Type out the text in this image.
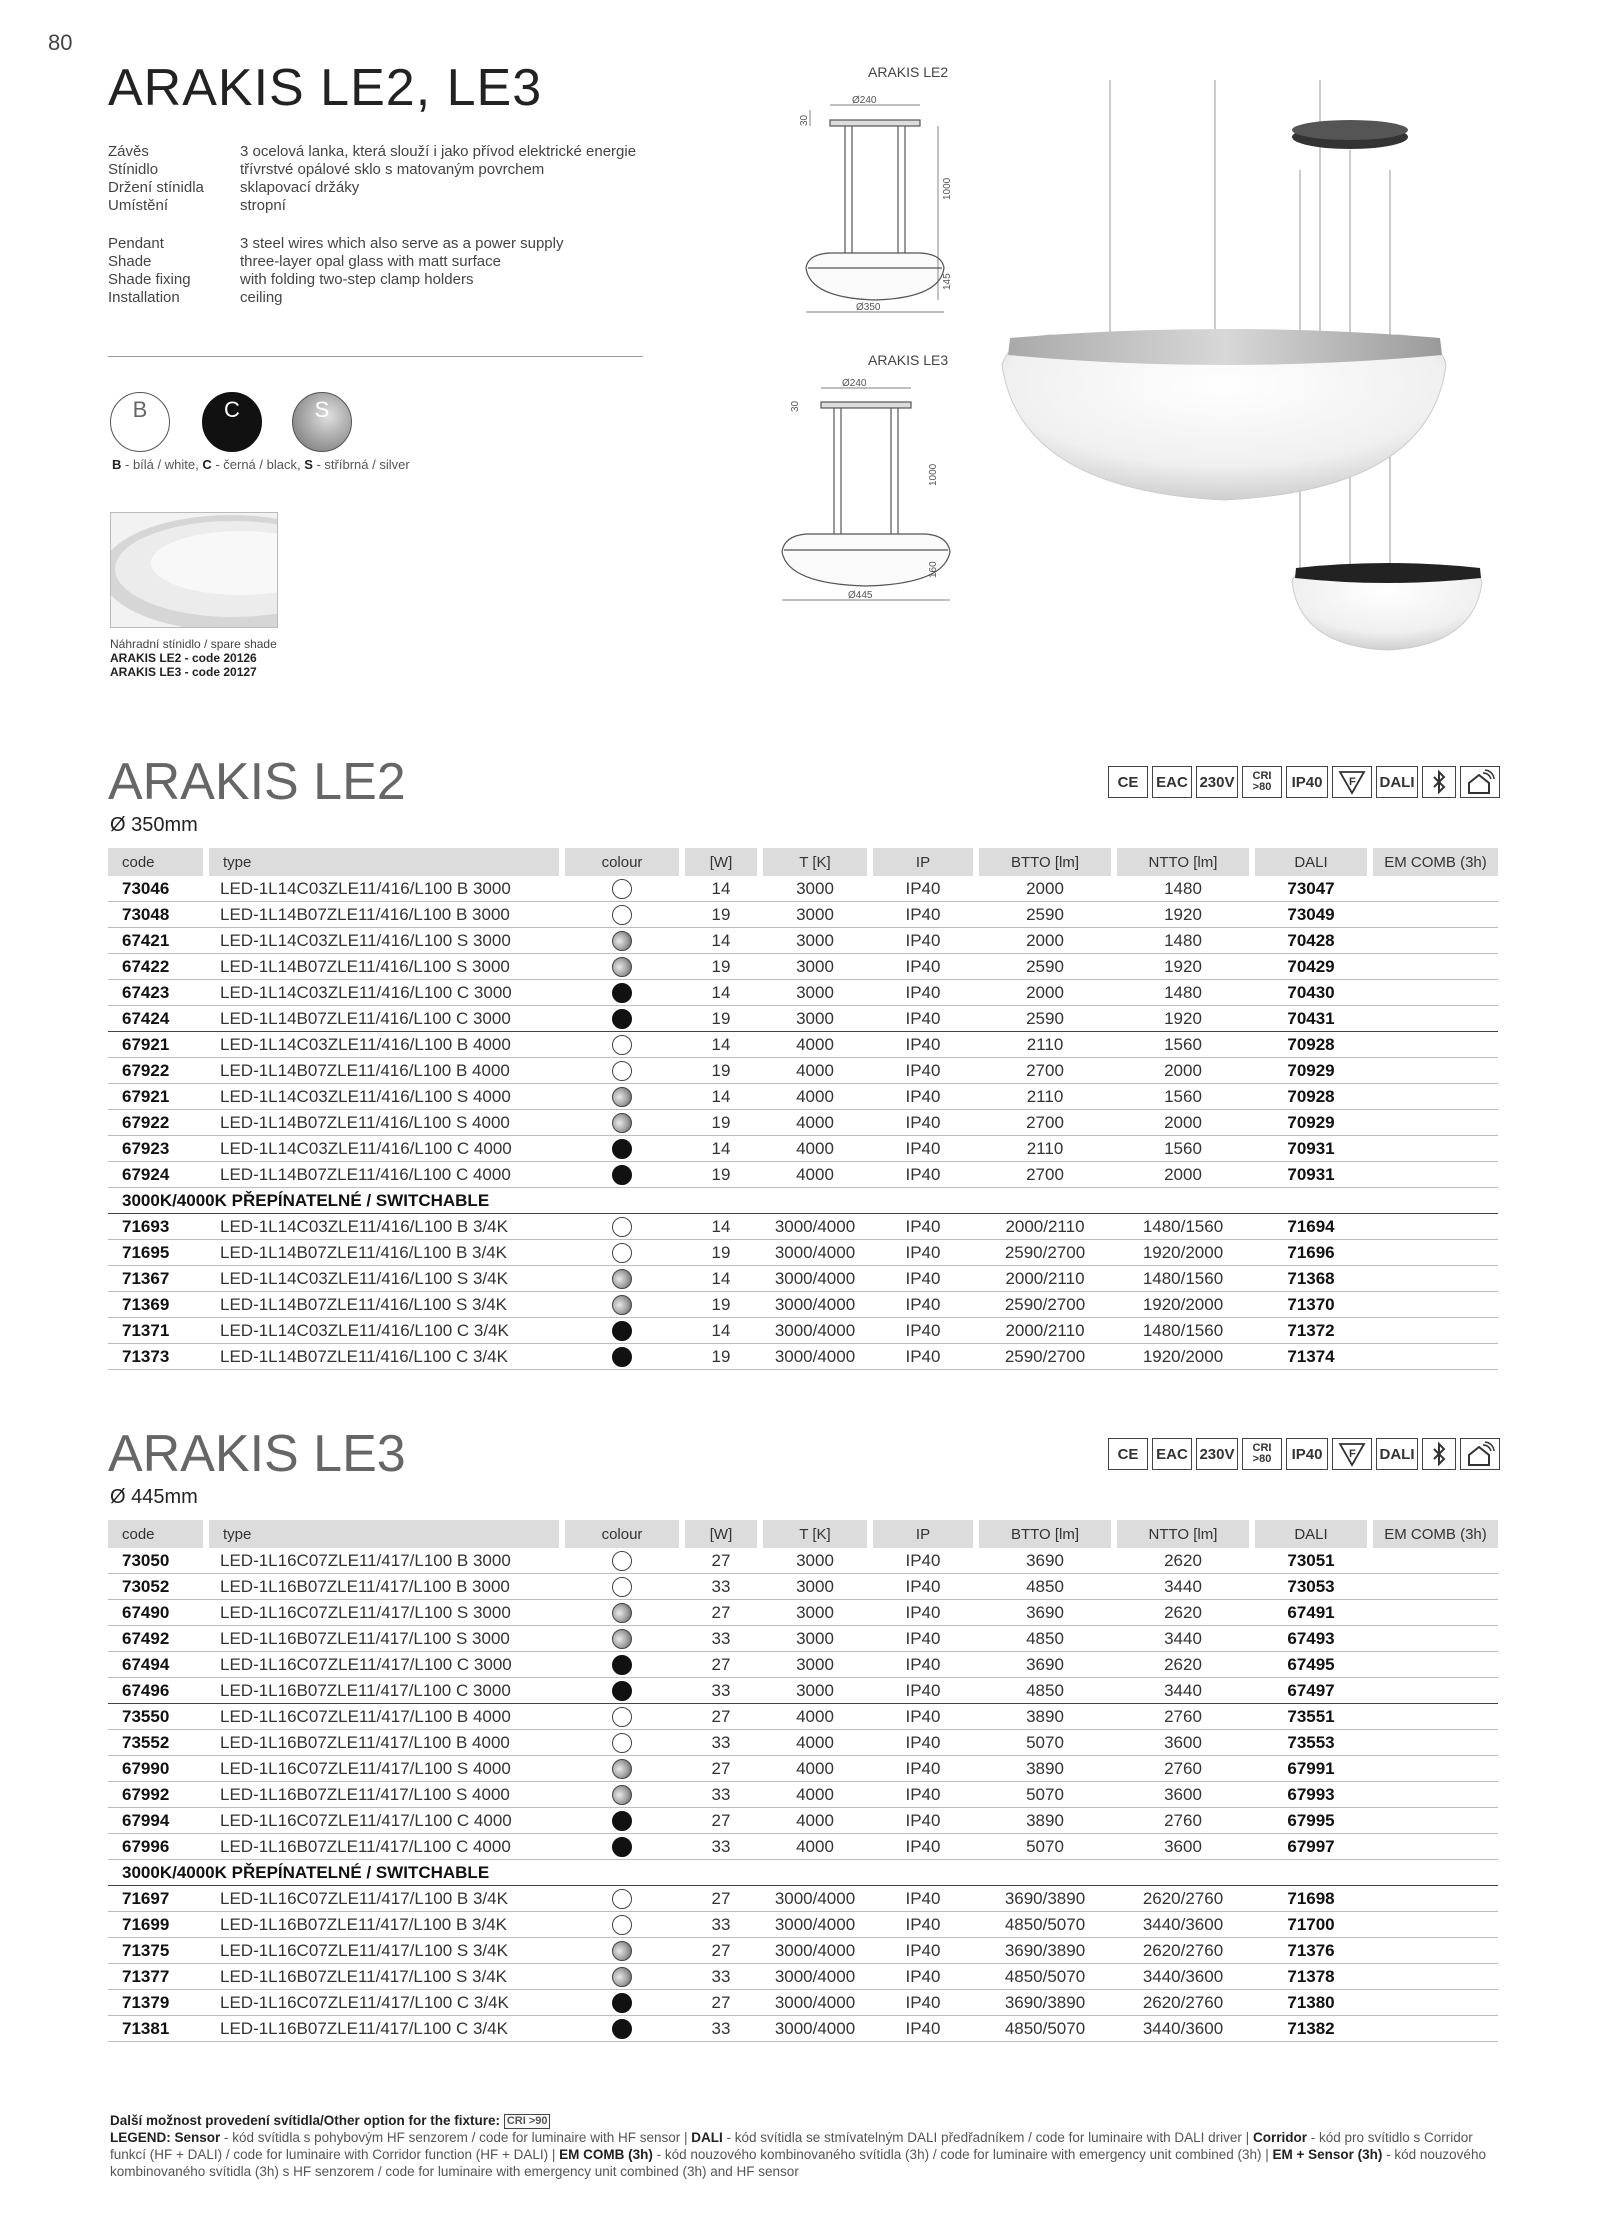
80
ARAKIS LE2, LE3
Závěs	3 ocelová lanka, která slouží i jako přívod elektrické energie
Stínidlo	třívrstvé opálové sklo s matovaným povrchem
Držení stínidla	sklapovací držáky
Umístění	stropní
Pendant	3 steel wires which also serve as a power supply
Shade	three-layer opal glass with matt surface
Shade fixing	with folding two-step clamp holders
Installation	ceiling
B	C	S
B - bílá / white, C - černá / black, S - stříbrná / silver
Náhradní stínidlo / spare shade
ARAKIS LE2 - code 20126
ARAKIS LE3 - code 20127
ARAKIS LE2
Ø240
Ø350
30
1000
145
ARAKIS LE3
Ø240
Ø445
30
1000
160
ARAKIS LE2
Ø 350mm
CE	EAC 230V	CRI
>80	IP40	F DALI
code	type	colour	[W]	T [K]	IP	BTTO [lm]	NTTO [lm]	DALI	EM COMB (3h)
73046	LED-1L14C03ZLE11/416/L100 B 3000		14	3000	IP40	2000	1480	73047	
73048	LED-1L14B07ZLE11/416/L100 B 3000		19	3000	IP40	2590	1920	73049	
67421	LED-1L14C03ZLE11/416/L100 S 3000		14	3000	IP40	2000	1480	70428	
67422	LED-1L14B07ZLE11/416/L100 S 3000		19	3000	IP40	2590	1920	70429	
67423	LED-1L14C03ZLE11/416/L100 C 3000		14	3000	IP40	2000	1480	70430	
67424	LED-1L14B07ZLE11/416/L100 C 3000		19	3000	IP40	2590	1920	70431	
67921	LED-1L14C03ZLE11/416/L100 B 4000		14	4000	IP40	2110	1560	70928	
67922	LED-1L14B07ZLE11/416/L100 B 4000		19	4000	IP40	2700	2000	70929	
67921	LED-1L14C03ZLE11/416/L100 S 4000		14	4000	IP40	2110	1560	70928	
67922	LED-1L14B07ZLE11/416/L100 S 4000		19	4000	IP40	2700	2000	70929	
67923	LED-1L14C03ZLE11/416/L100 C 4000		14	4000	IP40	2110	1560	70931	
67924	LED-1L14B07ZLE11/416/L100 C 4000		19	4000	IP40	2700	2000	70931	
3000K/4000K PŘEPÍNATELNÉ / SWITCHABLE									
71693	LED-1L14C03ZLE11/416/L100 B 3/4K		14	3000/4000	IP40	2000/2110	1480/1560	71694	
71695	LED-1L14B07ZLE11/416/L100 B 3/4K		19	3000/4000	IP40	2590/2700	1920/2000	71696	
71367	LED-1L14C03ZLE11/416/L100 S 3/4K		14	3000/4000	IP40	2000/2110	1480/1560	71368	
71369	LED-1L14B07ZLE11/416/L100 S 3/4K		19	3000/4000	IP40	2590/2700	1920/2000	71370	
71371	LED-1L14C03ZLE11/416/L100 C 3/4K		14	3000/4000	IP40	2000/2110	1480/1560	71372	
71373	LED-1L14B07ZLE11/416/L100 C 3/4K		19	3000/4000	IP40	2590/2700	1920/2000	71374	
ARAKIS LE3
Ø 445mm
CE	EAC 230V	CRI
>80	IP40	F DALI
code	type	colour	[W]	T [K]	IP	BTTO [lm]	NTTO [lm]	DALI	EM COMB (3h)
73050	LED-1L16C07ZLE11/417/L100 B 3000		27	3000	IP40	3690	2620	73051	
73052	LED-1L16B07ZLE11/417/L100 B 3000		33	3000	IP40	4850	3440	73053	
67490	LED-1L16C07ZLE11/417/L100 S 3000		27	3000	IP40	3690	2620	67491	
67492	LED-1L16B07ZLE11/417/L100 S 3000		33	3000	IP40	4850	3440	67493	
67494	LED-1L16C07ZLE11/417/L100 C 3000		27	3000	IP40	3690	2620	67495	
67496	LED-1L16B07ZLE11/417/L100 C 3000		33	3000	IP40	4850	3440	67497	
73550	LED-1L16C07ZLE11/417/L100 B 4000		27	4000	IP40	3890	2760	73551	
73552	LED-1L16B07ZLE11/417/L100 B 4000		33	4000	IP40	5070	3600	73553	
67990	LED-1L16C07ZLE11/417/L100 S 4000		27	4000	IP40	3890	2760	67991	
67992	LED-1L16B07ZLE11/417/L100 S 4000		33	4000	IP40	5070	3600	67993	
67994	LED-1L16C07ZLE11/417/L100 C 4000		27	4000	IP40	3890	2760	67995	
67996	LED-1L16B07ZLE11/417/L100 C 4000		33	4000	IP40	5070	3600	67997	
3000K/4000K PŘEPÍNATELNÉ / SWITCHABLE									
71697	LED-1L16C07ZLE11/417/L100 B 3/4K		27	3000/4000	IP40	3690/3890	2620/2760	71698	
71699	LED-1L16B07ZLE11/417/L100 B 3/4K		33	3000/4000	IP40	4850/5070	3440/3600	71700	
71375	LED-1L16C07ZLE11/417/L100 S 3/4K		27	3000/4000	IP40	3690/3890	2620/2760	71376	
71377	LED-1L16B07ZLE11/417/L100 S 3/4K		33	3000/4000	IP40	4850/5070	3440/3600	71378	
71379	LED-1L16C07ZLE11/417/L100 C 3/4K		27	3000/4000	IP40	3690/3890	2620/2760	71380	
71381	LED-1L16B07ZLE11/417/L100 C 3/4K		33	3000/4000	IP40	4850/5070	3440/3600	71382	
Další možnost provedení svítidla/Other option for the fixture: CRI >90
LEGEND: Sensor - kód svítidla s pohybovým HF senzorem / code for luminaire with HF sensor | DALI - kód svítidla se stmívatelným DALI předřadníkem / code for luminaire with DALI driver | Corridor - kód pro svítidlo s Corridor funkcí (HF + DALI) / code for luminaire with Corridor function (HF + DALI) | EM COMB (3h) - kód nouzového kombinovaného svítidla (3h) / code for luminaire with emergency unit combined (3h) | EM + Sensor (3h) - kód nouzového kombinovaného svítidla (3h) s HF senzorem / code for luminaire with emergency unit combined (3h) and HF sensor
